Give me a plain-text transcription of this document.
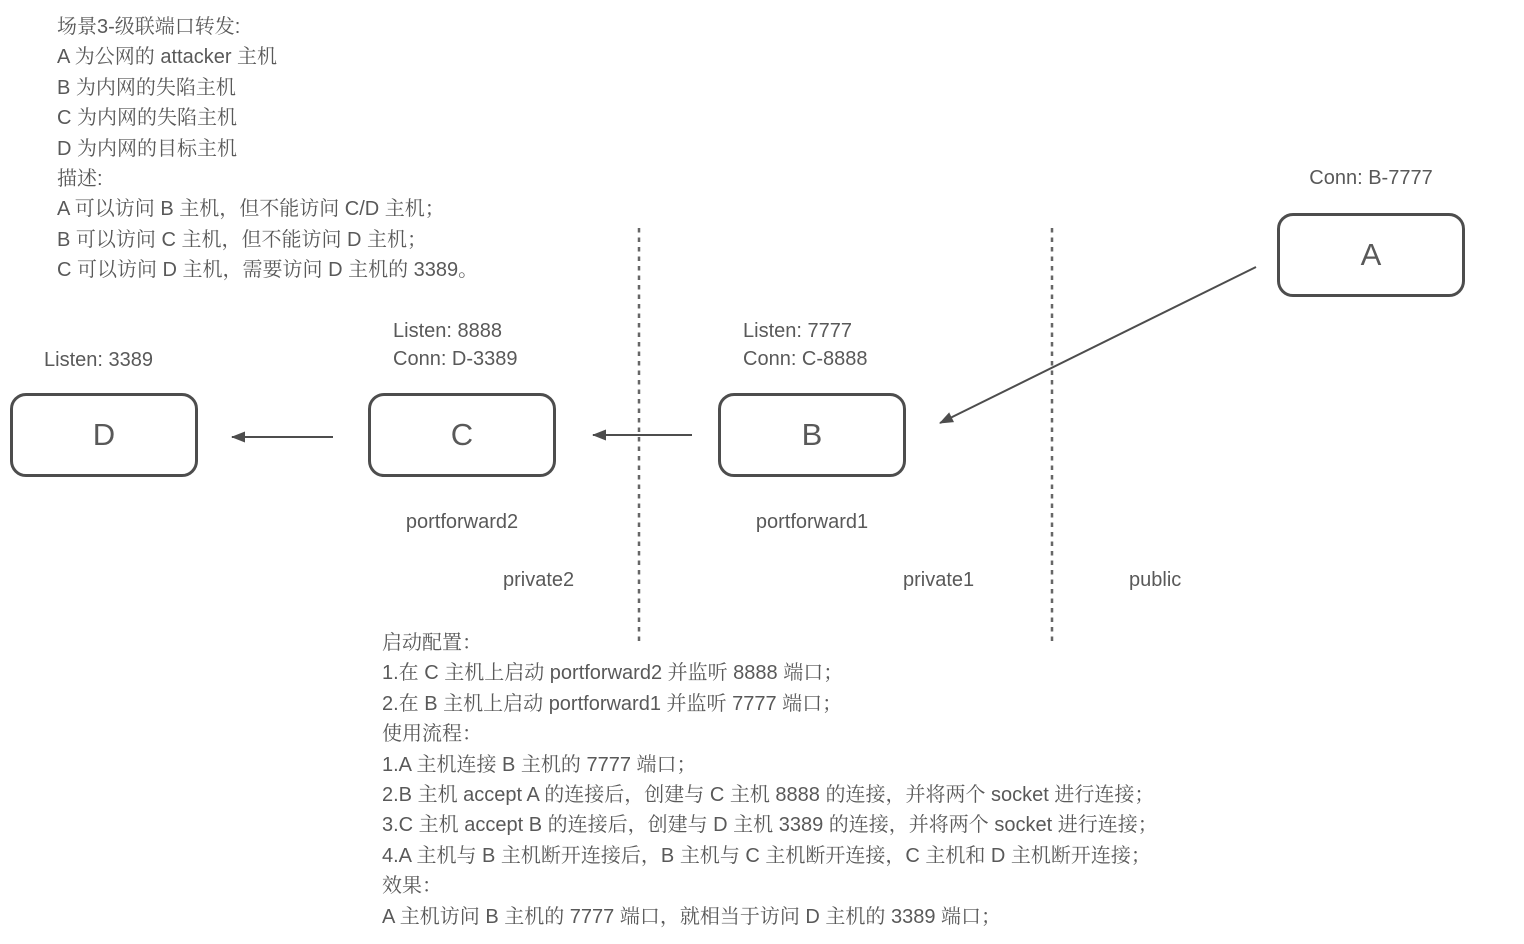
场景3-级联端口转发:
A 为公网的 attacker 主机
B 为内网的失陷主机
C 为内网的失陷主机
D 为内网的目标主机
描述:
A 可以访问 B 主机，但不能访问 C/D 主机；
B 可以访问 C 主机，但不能访问 D 主机；
C 可以访问 D 主机，需要访问 D 主机的 3389。
Conn: B-7777
A
Listen: 7777
Conn: C-8888
B
portforward1
Listen: 8888
Conn: D-3389
C
portforward2
Listen: 3389
D
private2	private1	public
启动配置：
1.在 C 主机上启动 portforward2 并监听 8888 端口；
2.在 B 主机上启动 portforward1 并监听 7777 端口；
使用流程：
1.A 主机连接 B 主机的 7777 端口；
2.B 主机 accept A 的连接后，创建与 C 主机 8888 的连接，并将两个 socket 进行连接；
3.C 主机 accept B 的连接后，创建与 D 主机 3389 的连接，并将两个 socket 进行连接；
4.A 主机与 B 主机断开连接后，B 主机与 C 主机断开连接，C 主机和 D 主机断开连接；
效果：
A 主机访问 B 主机的 7777 端口，就相当于访问 D 主机的 3389 端口；
